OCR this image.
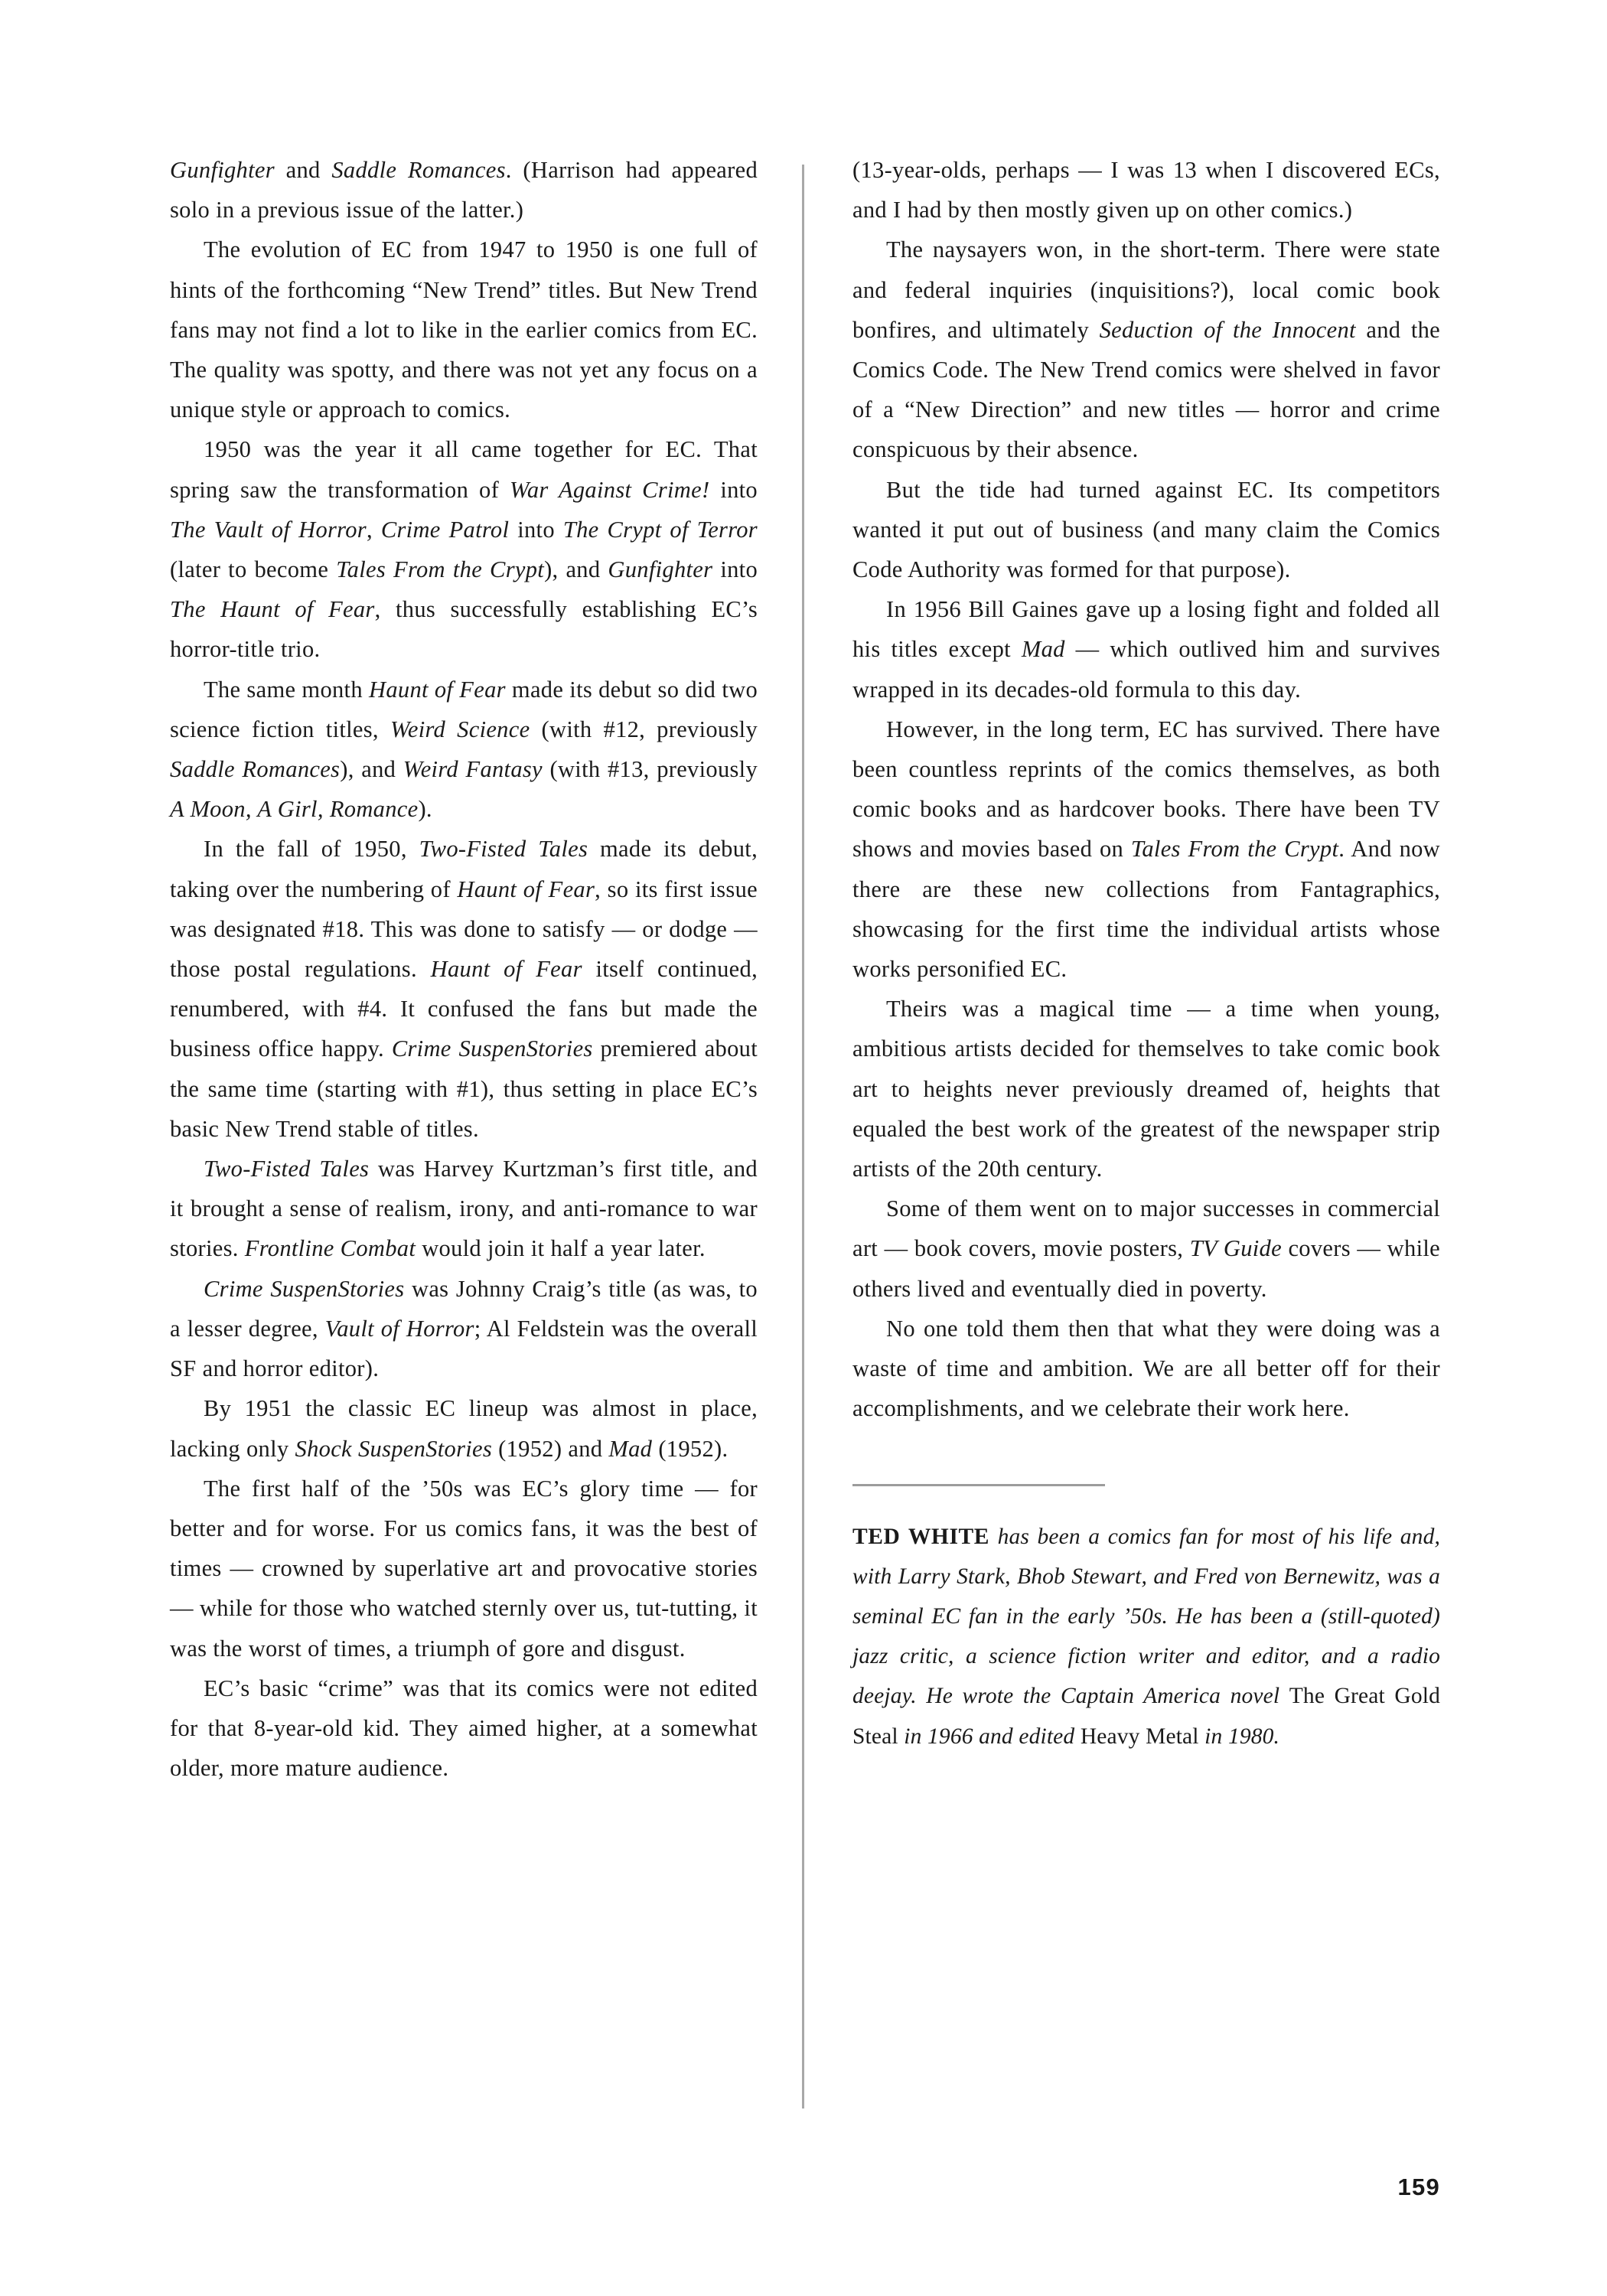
Gunfighter and Saddle Romances. (Harrison had appeared solo in a previous issue of the latter.)

The evolution of EC from 1947 to 1950 is one full of hints of the forthcoming “New Trend” titles. But New Trend fans may not find a lot to like in the earlier comics from EC. The quality was spotty, and there was not yet any focus on a unique style or approach to comics.

1950 was the year it all came together for EC. That spring saw the transformation of War Against Crime! into The Vault of Horror, Crime Patrol into The Crypt of Terror (later to become Tales From the Crypt), and Gunfighter into The Haunt of Fear, thus successfully establishing EC’s horror-title trio.

The same month Haunt of Fear made its debut so did two science fiction titles, Weird Science (with #12, previously Saddle Romances), and Weird Fantasy (with #13, previously A Moon, A Girl, Romance).

In the fall of 1950, Two-Fisted Tales made its debut, taking over the numbering of Haunt of Fear, so its first issue was designated #18. This was done to satisfy — or dodge — those postal regulations. Haunt of Fear itself continued, renumbered, with #4. It confused the fans but made the business office happy. Crime SuspenStories premiered about the same time (starting with #1), thus setting in place EC’s basic New Trend stable of titles.

Two-Fisted Tales was Harvey Kurtzman’s first title, and it brought a sense of realism, irony, and anti-romance to war stories. Frontline Combat would join it half a year later.

Crime SuspenStories was Johnny Craig’s title (as was, to a lesser degree, Vault of Horror; Al Feldstein was the overall SF and horror editor).

By 1951 the classic EC lineup was almost in place, lacking only Shock SuspenStories (1952) and Mad (1952).

The first half of the ’50s was EC’s glory time — for better and for worse. For us comics fans, it was the best of times — crowned by superlative art and provocative stories — while for those who watched sternly over us, tut-tutting, it was the worst of times, a triumph of gore and disgust.

EC’s basic “crime” was that its comics were not edited for that 8-year-old kid. They aimed higher, at a somewhat older, more mature audience.

(13-year-olds, perhaps — I was 13 when I discovered ECs, and I had by then mostly given up on other comics.)

The naysayers won, in the short-term. There were state and federal inquiries (inquisitions?), local comic book bonfires, and ultimately Seduction of the Innocent and the Comics Code. The New Trend comics were shelved in favor of a “New Direction” and new titles — horror and crime conspicuous by their absence.

But the tide had turned against EC. Its competitors wanted it put out of business (and many claim the Comics Code Authority was formed for that purpose).

In 1956 Bill Gaines gave up a losing fight and folded all his titles except Mad — which outlived him and survives wrapped in its decades-old formula to this day.

However, in the long term, EC has survived. There have been countless reprints of the comics themselves, as both comic books and as hardcover books. There have been TV shows and movies based on Tales From the Crypt. And now there are these new collections from Fantagraphics, showcasing for the first time the individual artists whose works personified EC.

Theirs was a magical time — a time when young, ambitious artists decided for themselves to take comic book art to heights never previously dreamed of, heights that equaled the best work of the greatest of the newspaper strip artists of the 20th century.

Some of them went on to major successes in commercial art — book covers, movie posters, TV Guide covers — while others lived and eventually died in poverty.

No one told them then that what they were doing was a waste of time and ambition. We are all better off for their accomplishments, and we celebrate their work here.

TED WHITE has been a comics fan for most of his life and, with Larry Stark, Bhob Stewart, and Fred von Bernewitz, was a seminal EC fan in the early ’50s. He has been a (still-quoted) jazz critic, a science fiction writer and editor, and a radio deejay. He wrote the Captain America novel The Great Gold Steal in 1966 and edited Heavy Metal in 1980.

159
